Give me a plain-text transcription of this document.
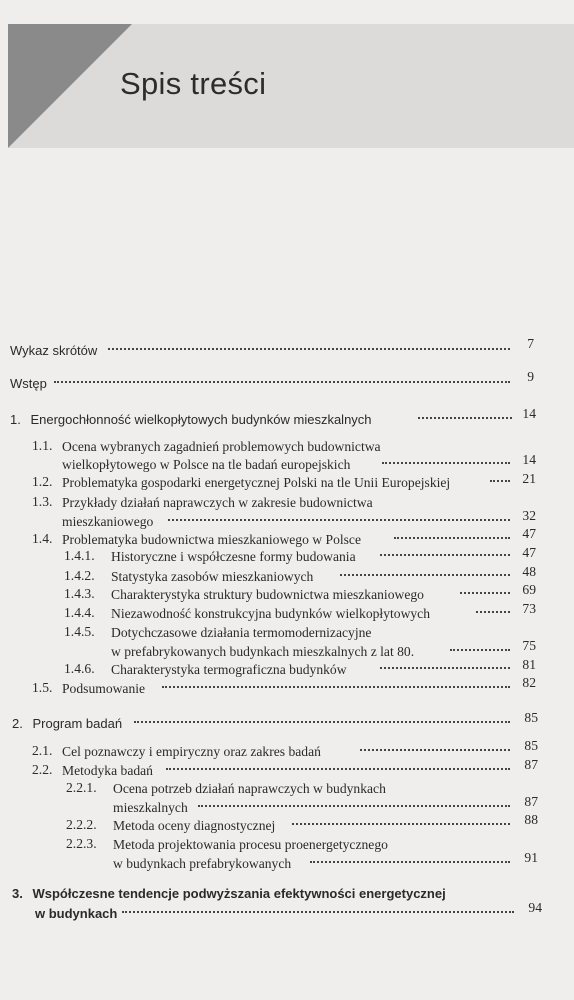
Spis treści
Wykaz skrótów	7
Wstęp	9
1. Energochłonność wielkopłytowych budynków mieszkalnych	14
1.1. Ocena wybranych zagadnień problemowych budownictwa
wielkopłytowego w Polsce na tle badań europejskich	14
1.2. Problematyka gospodarki energetycznej Polski na tle Unii Europejskiej	21
1.3. Przykłady działań naprawczych w zakresie budownictwa
mieszkaniowego	32
1.4. Problematyka budownictwa mieszkaniowego w Polsce	47
1.4.1. Historyczne i współczesne formy budowania	47
1.4.2. Statystyka zasobów mieszkaniowych	48
1.4.3. Charakterystyka struktury budownictwa mieszkaniowego	69
1.4.4. Niezawodność konstrukcyjna budynków wielkopłytowych	73
1.4.5. Dotychczasowe działania termomodernizacyjne
w prefabrykowanych budynkach mieszkalnych z lat 80.	75
1.4.6. Charakterystyka termograficzna budynków	81
1.5. Podsumowanie	82
2. Program badań	85
2.1. Cel poznawczy i empiryczny oraz zakres badań	85
2.2. Metodyka badań	87
2.2.1. Ocena potrzeb działań naprawczych w budynkach
mieszkalnych	87
2.2.2. Metoda oceny diagnostycznej	88
2.2.3. Metoda projektowania procesu proenergetycznego
w budynkach prefabrykowanych	91
3. Współczesne tendencje podwyższania efektywności energetycznej
w budynkach	94
